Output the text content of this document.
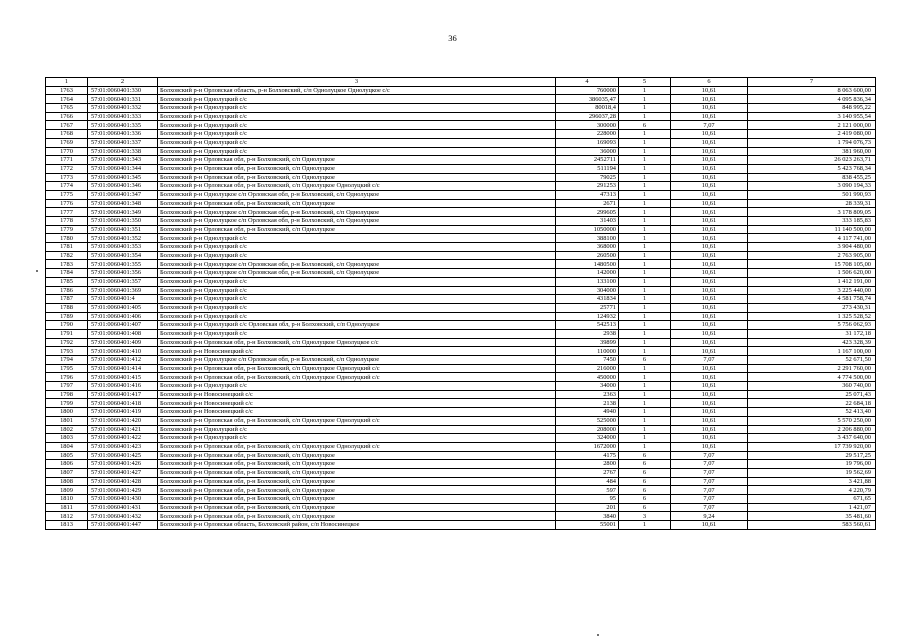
36
1	2	3	4	5	6	7
1763	57:01:0060401:330	Болховский р-н Орловская область, р-н Болховский, с/п Однолуцкое Однолуцкое с/с	760000	1	10,61	8 063 600,00
1764	57:01:0060401:331	Болховский р-н Однолуцкий с/с	386035,47	1	10,61	4 095 836,34
1765	57:01:0060401:332	Болховский р-н Однолуцкий с/с	80018,4	1	10,61	848 995,22
1766	57:01:0060401:333	Болховский р-н Однолуцкий с/с	296037,28	1	10,61	3 140 955,54
1767	57:01:0060401:335	Болховский р-н Однолуцкий с/с	300000	6	7,07	2 121 000,00
1768	57:01:0060401:336	Болховский р-н Однолуцкий с/с	228000	1	10,61	2 419 080,00
1769	57:01:0060401:337	Болховский р-н Однолуцкий с/с	169093	1	10,61	1 794 076,73
1770	57:01:0060401:338	Болховский р-н Однолуцкий с/с	36000	1	10,61	381 960,00
1771	57:01:0060401:343	Болховский р-н Орловская обл, р-н Болховский, с/п Однолуцкое	2452711	1	10,61	26 023 263,71
1772	57:01:0060401:344	Болховский р-н Орловская обл, р-н Болховский, с/п Однолуцкое	511194	1	10,61	5 423 768,34
1773	57:01:0060401:345	Болховский р-н Орловская обл, р-н Болховский, с/п Однолуцкое	79025	1	10,61	838 455,25
1774	57:01:0060401:346	Болховский р-н Орловская обл, р-н Болховский, с/п Однолуцкое Однолуцкий с/с	291253	1	10,61	3 090 194,33
1775	57:01:0060401:347	Болховский р-н Однолуцкое с/п Орловская обл, р-н Болховский, с/п Однолуцкое	47313	1	10,61	501 990,93
1776	57:01:0060401:348	Болховский р-н Орловская обл, р-н Болховский, с/п Однолуцкое	2671	1	10,61	28 339,31
1777	57:01:0060401:349	Болховский р-н Однолуцкое с/п Орловская обл, р-н Болховский, с/п Однолуцкое	299605	1	10,61	3 178 809,05
1778	57:01:0060401:350	Болховский р-н Однолуцкое с/п Орловская обл, р-н Болховский, с/п Однолуцкое	31403	1	10,61	333 185,83
1779	57:01:0060401:351	Болховский р-н Орловская обл, р-н Болховский, с/п Однолуцкое	1050000	1	10,61	11 140 500,00
1780	57:01:0060401:352	Болховский р-н Однолуцкий с/с	388100	1	10,61	4 117 741,00
1781	57:01:0060401:353	Болховский р-н Однолуцкий с/с	368000	1	10,61	3 904 480,00
1782	57:01:0060401:354	Болховский р-н Однолуцкий с/с	260500	1	10,61	2 763 905,00
1783	57:01:0060401:355	Болховский р-н Однолуцкое с/п Орловская обл, р-н Болховский, с/п Однолуцкое	1480500	1	10,61	15 708 105,00
1784	57:01:0060401:356	Болховский р-н Однолуцкое с/п Орловская обл, р-н Болховский, с/п Однолуцкое	142000	1	10,61	1 506 620,00
1785	57:01:0060401:357	Болховский р-н Однолуцкий с/с	133100	1	10,61	1 412 191,00
1786	57:01:0060401:369	Болховский р-н Однолуцкий с/с	304000	1	10,61	3 225 440,00
1787	57:01:0060401:4	Болховский р-н Однолуцкий с/с	431834	1	10,61	4 581 758,74
1788	57:01:0060401:405	Болховский р-н Однолуцкий с/с	25771	1	10,61	273 430,31
1789	57:01:0060401:406	Болховский р-н Однолуцкий с/с	124932	1	10,61	1 325 528,52
1790	57:01:0060401:407	Болховский р-н Однолуцкий с/с Орловская обл, р-н Болховский, с/п Однолуцкое	542513	1	10,61	5 756 062,93
1791	57:01:0060401:408	Болховский р-н Однолуцкий с/с	2938	1	10,61	31 172,18
1792	57:01:0060401:409	Болховский р-н Орловская обл, р-н Болховский, с/п Однолуцкое Однолуцкое с/с	39899	1	10,61	423 328,39
1793	57:01:0060401:410	Болховский р-н Новосинецкий с/с	110000	1	10,61	1 167 100,00
1794	57:01:0060401:412	Болховский р-н Однолуцкое с/п Орловская обл, р-н Болховский, с/п Однолуцкое	7450	6	7,07	52 671,50
1795	57:01:0060401:414	Болховский р-н Орловская обл, р-н Болховский, с/п Однолуцкое Однолуцкий с/с	216000	1	10,61	2 291 760,00
1796	57:01:0060401:415	Болховский р-н Орловская обл, р-н Болховский, с/п Однолуцкое Однолуцкий с/с	450000	1	10,61	4 774 500,00
1797	57:01:0060401:416	Болховский р-н Однолуцкий с/с	34000	1	10,61	360 740,00
1798	57:01:0060401:417	Болховский р-н Новосинецкий с/с	2363	1	10,61	25 071,43
1799	57:01:0060401:418	Болховский р-н Новосинецкий с/с	2138	1	10,61	22 684,18
1800	57:01:0060401:419	Болховский р-н Новосинецкий с/с	4940	1	10,61	52 413,40
1801	57:01:0060401:420	Болховский р-н Орловская обл, р-н Болховский, с/п Однолуцкое Однолуцкий с/с	525000	1	10,61	5 570 250,00
1802	57:01:0060401:421	Болховский р-н Однолуцкий с/с	208000	1	10,61	2 206 880,00
1803	57:01:0060401:422	Болховский р-н Однолуцкий с/с	324000	1	10,61	3 437 640,00
1804	57:01:0060401:423	Болховский р-н Орловская обл, р-н Болховский, с/п Однолуцкое Однолуцкий с/с	1672000	1	10,61	17 739 920,00
1805	57:01:0060401:425	Болховский р-н Орловская обл, р-н Болховский, с/п Однолуцкое	4175	6	7,07	29 517,25
1806	57:01:0060401:426	Болховский р-н Орловская обл, р-н Болховский, с/п Однолуцкое	2800	6	7,07	19 796,00
1807	57:01:0060401:427	Болховский р-н Орловская обл, р-н Болховский, с/п Однолуцкое	2767	6	7,07	19 562,69
1808	57:01:0060401:428	Болховский р-н Орловская обл, р-н Болховский, с/п Однолуцкое	484	6	7,07	3 421,88
1809	57:01:0060401:429	Болховский р-н Орловская обл, р-н Болховский, с/п Однолуцкое	597	6	7,07	4 220,79
1810	57:01:0060401:430	Болховский р-н Орловская обл, р-н Болховский, с/п Однолуцкое	95	6	7,07	671,65
1811	57:01:0060401:431	Болховский р-н Орловская обл, р-н Болховский, с/п Однолуцкое	201	6	7,07	1 421,07
1812	57:01:0060401:432	Болховский р-н Орловская обл, р-н Болховский, с/п Однолуцкое	3840	3	9,24	35 481,60
1813	57:01:0060401:447	Болховский р-н Орловская область, Болховский район, с/п Новосинецкое	55001	1	10,61	583 560,61
